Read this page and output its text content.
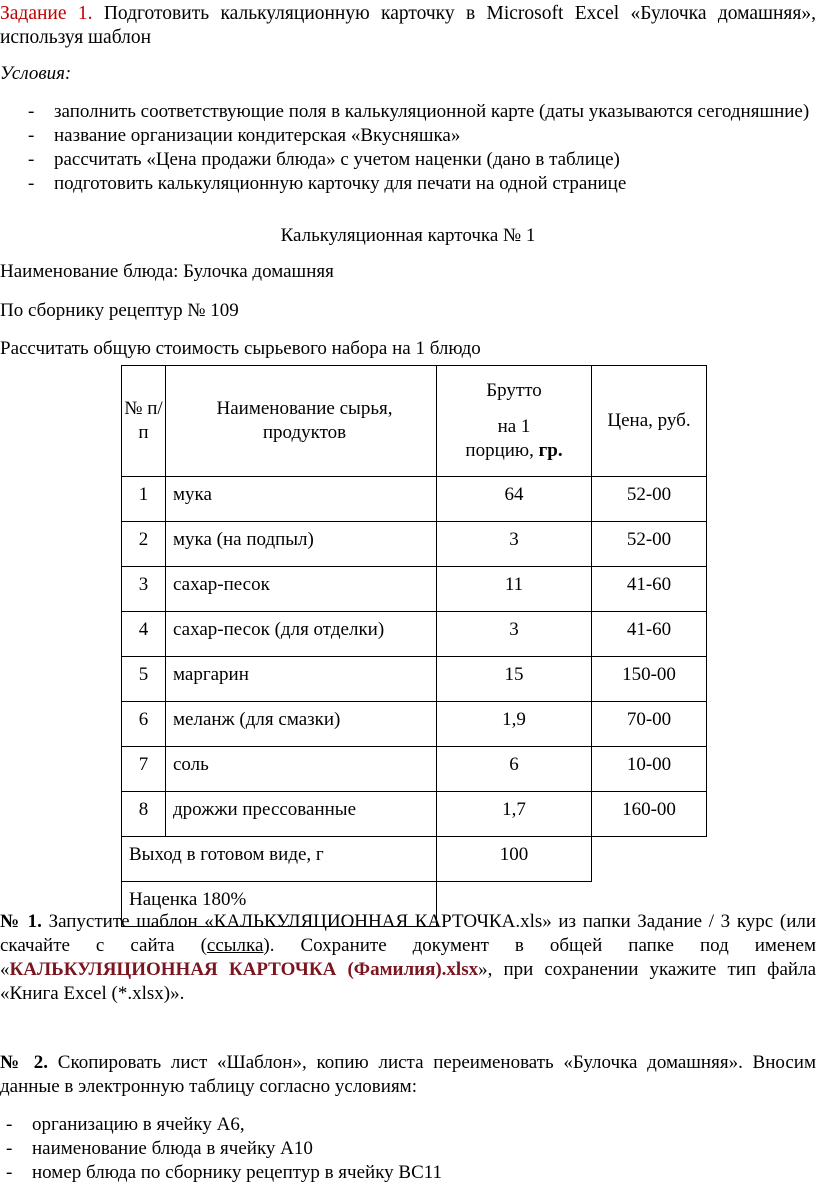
Задание 1. Подготовить калькуляционную карточку в Microsoft Excel «Булочка домашняя», используя шаблон

Условия:

- заполнить соответствующие поля в калькуляционной карте (даты указываются сегодняшние)
- название организации кондитерская «Вкусняшка»
- рассчитать «Цена продажи блюда» с учетом наценки (дано в таблице)
- подготовить калькуляционную карточку для печати на одной странице

Калькуляционная карточка № 1

Наименование блюда: Булочка домашняя

По сборнику рецептур № 109

Рассчитать общую стоимость сырьевого набора на 1 блюдо

№ п/п	Наименование сырья, продуктов	Брутто
на 1
порцию, гр.	Цена, руб.
1	мука	64	52-00
2	мука (на подпыл)	3	52-00
3	сахар-песок	11	41-60
4	сахар-песок (для отделки)	3	41-60
5	маргарин	15	150-00
6	меланж (для смазки)	1,9	70-00
7	соль	6	10-00
8	дрожжи прессованные	1,7	160-00
Выход в готовом виде, г		100	
Наценка 180%			

№ 1. Запустите шаблон «КАЛЬКУЛЯЦИОННАЯ КАРТОЧКА.xls» из папки Задание / 3 курс (или скачайте с сайта (ссылка). Сохраните документ в общей папке под именем «КАЛЬКУЛЯЦИОННАЯ КАРТОЧКА (Фамилия).xlsx», при сохранении укажите тип файла «Книга Excel (*.xlsx)».

№ 2. Скопировать лист «Шаблон», копию листа переименовать «Булочка домашняя». Вносим данные в электронную таблицу согласно условиям:

- организацию в ячейку А6,
- наименование блюда в ячейку А10
- номер блюда по сборнику рецептур в ячейку ВС11
